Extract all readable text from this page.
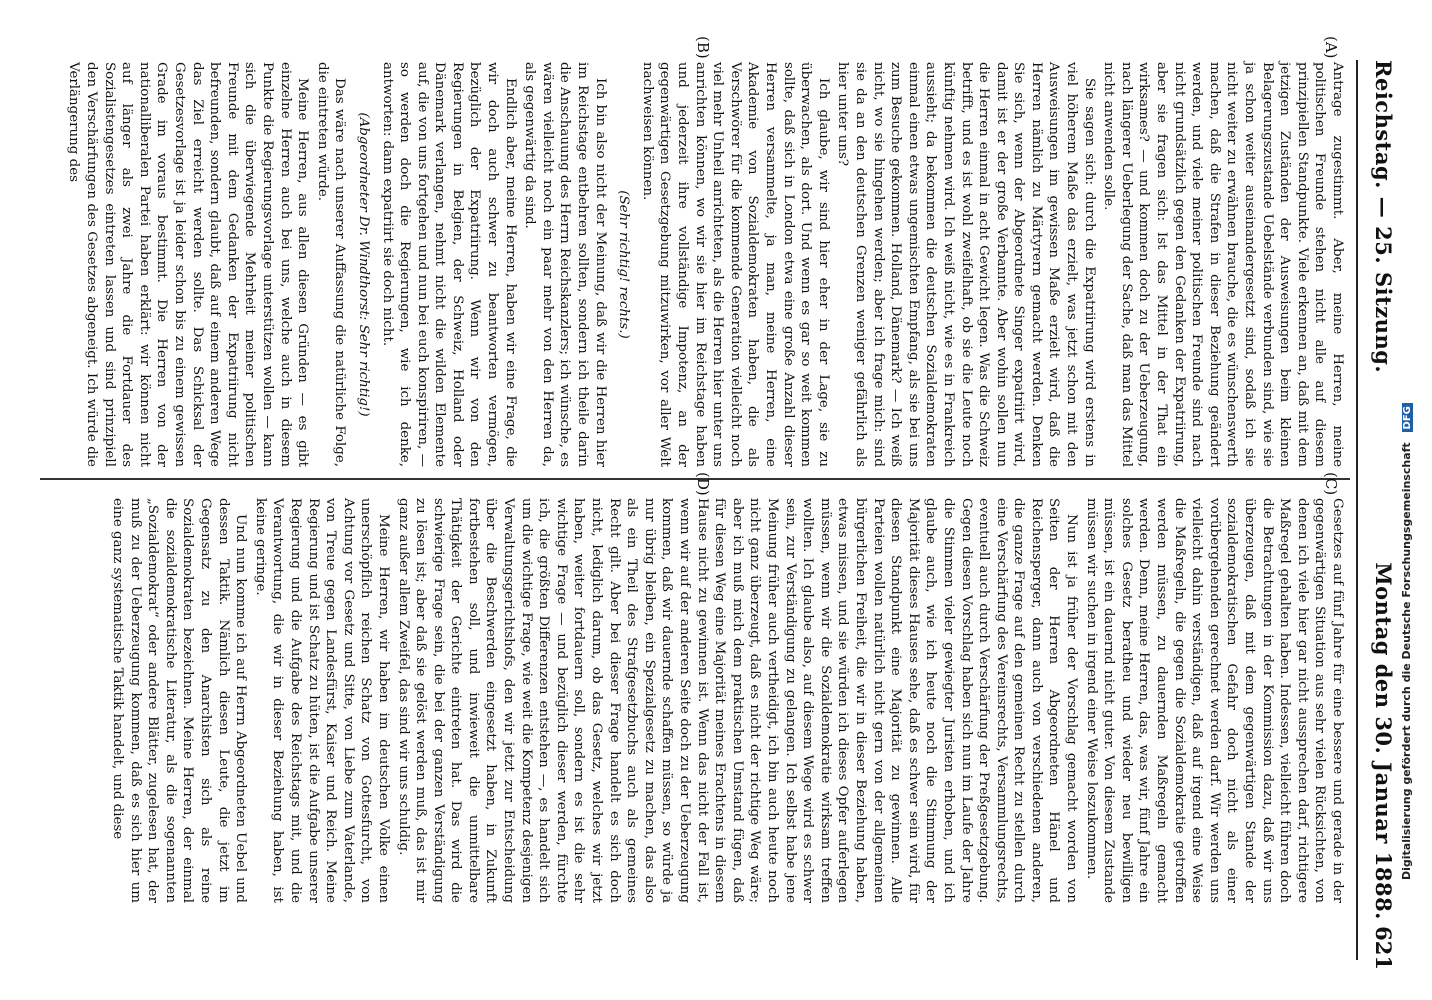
Reichstag. — 25. Sitzung.
Montag den 30. Januar 1888.
621
(A)
(B)
(C)
(D)

Antrage zugestimmt. Aber, meine Herren, meine politischen Freunde stehen nicht alle auf diesem prinzipiellen Standpunkte. Viele erkennen an, daß mit dem jetzigen Zuständen der Ausweisungen beim kleinen Belagerungszustande Uebelstände verbunden sind, wie sie ja schon weiter auseinandergesetzt sind, sodaß ich sie nicht weiter zu erwähnen brauche, die es wünschenswerth machen, daß die Strafen in dieser Beziehung geändert werden, und viele meiner politischen Freunde sind nach nicht grundsätzlich gegen den Gedanken der Expatriirung, aber sie fragen sich: Ist das Mittel in der That ein wirksames? — und kommen doch zu der Ueberzeugung, nach längerer Ueberlegung der Sache, daß man das Mittel nicht anwenden solle.

Sie sagen sich: durch die Expatriirung wird erstens in viel höherem Maße das erzielt, was jetzt schon mit den Ausweisungen im gewissen Maße erzielt wird, daß die Herren nämlich zu Märtyrern gemacht werden. Denken Sie sich, wenn der Abgeordnete Singer expatriirt wird, damit ist er der große Verbannte. Aber wohin sollen nun die Herren einmal in acht Gewicht legen. Was die Schweiz betrifft, und es ist wohl zweifelhaft, ob sie die Leute noch künftig nehmen wird. Ich weiß nicht, wie es in Frankreich aussieht; da bekommen die deutschen Sozialdemokraten einmal einen etwas ungemischten Empfang, als sie bei uns zum Besuche gekommen. Holland, Dänemark? — Ich weiß nicht, wo sie hingehen werden; aber ich frage mich: sind sie da an den deutschen Grenzen weniger gefährlich als hier unter uns?

Ich glaube, wir sind hier eher in der Lage, sie zu überwachen, als dort. Und wenn es gar so weit kommen sollte, daß sich in London etwa eine große Anzahl dieser Herren versammelte, ja man, meine Herren, eine Akademie von Sozialdemokraten haben, die als Verschwörer für die kommende Generation vielleicht noch viel mehr Unheil anrichteten, als die Herren hier unter uns anrichten können, wo wir sie hier im Reichstage haben und jederzeit ihre vollständige Impotenz, an der gegenwärtigen Gesetzgebung mitzuwirken, vor aller Welt nachweisen können.

(Sehr richtig! rechts.)

Ich bin also nicht der Meinung, daß wir die Herren hier im Reichstage entbehren sollten, sondern ich theile darin die Anschauung des Herrn Reichskanzlers; ich wünsche, es wären vielleicht noch ein paar mehr von den Herren da, als gegenwärtig da sind.

Endlich aber, meine Herren, haben wir eine Frage, die wir doch auch schwer zu beantworten vermögen, bezüglich der Expatriirung. Wenn wir von den Regierungen in Belgien, der Schweiz, Holland oder Dänemark verlangen, nehmt nicht die wilden Elemente auf, die von uns fortgehen und nun bei euch konspiriren, — so werden doch die Regierungen, wie ich denke, antworten: dann expatriirt sie doch nicht.

(Abgeordneter Dr. Windthorst: Sehr richtig!)

Das wäre nach unserer Auffassung die natürliche Folge, die eintreten würde.

Meine Herren, aus allen diesen Gründen — es gibt einzelne Herren auch bei uns, welche auch in diesem Punkte die Regierungsvorlage unterstützen wollen — kann sich die überwiegende Mehrheit meiner politischen Freunde mit dem Gedanken der Expatriirung nicht befreunden, sondern glaubt, daß auf einem anderen Wege das Ziel erreicht werden sollte. Das Schicksal der Gesetzesvorlage ist ja leider schon bis zu einem gewissen Grade im voraus bestimmt. Die Herren von der nationalliberalen Partei haben erklärt: wir können nicht auf länger als zwei Jahre die Fortdauer des Sozialistengesetzes eintreten lassen und sind prinzipiell den Verschärfungen des Gesetzes abgeneigt. Ich würde die Verlängerung des

Gesetzes auf fünf Jahre für eine bessere und gerade in der gegenwärtigen Situation aus sehr vielen Rücksichten, von denen ich viele hier gar nicht aussprechen darf, richtigere Maßregel gehalten haben. Indessen, vielleicht führen doch die Betrachtungen in der Kommission dazu, daß wir uns überzeugen, daß mit dem gegenwärtigen Stande der sozialdemokratischen Gefahr doch nicht als einer vorübergehenden gerechnet werden darf. Wir werden uns vielleicht dahin verständigen, daß auf irgend eine Weise die Maßregeln, die gegen die Sozialdemokratie getroffen werden müssen, zu dauernden Maßregeln gemacht werden. Denn, meine Herren, das, was wir, fünf Jahre ein solches Gesetz beratheu und wieder neu bewilligen müssen, ist ein dauernd nicht guter. Von diesem Zustande müssen wir suchen in irgend einer Weise loszukommen.

Nun ist ja früher der Vorschlag gemacht worden von Seiten der Herren Abgeordneten Hänel und Reichensperger, dann auch von verschiedenen anderen, die ganze Frage auf den gemeinen Recht zu stellen durch eine Verschärfung des Vereinsrechts, Versammlungsrechts, eventuell auch durch Verschärfung der Preßgesetzgebung. Gegen diesen Vorschlag haben sich nun im Laufe der Jahre die Stimmen vieler gewiegter Juristen erhoben, und ich glaube auch, wie ich heute noch die Stimmung der Majorität dieses Hauses sehe, daß es schwer sein wird, für diesen Standpunkt eine Majorität zu gewinnen. Alle Parteien wollen natürlich nicht gern von der allgemeinen bürgerlichen Freiheit, die wir in dieser Beziehung haben, etwas missen, und sie würden ich dieses Opfer auferlegen müssen, wenn wir die Sozialdemokratie wirksam treffen wollten. Ich glaube also, auf diesem Wege wird es schwer sein, zur Verständigung zu gelangen. Ich selbst habe jene Meinung früher auch vertheidigt, ich bin auch heute noch nicht ganz überzeugt, daß es nicht der richtige Weg wäre; aber ich muß mich dem praktischen Umstand fügen, daß für diesen Weg eine Majorität meines Erachtens in diesem Hause nicht zu gewinnen ist. Wenn das nicht der Fall ist, wenn wir auf der anderen Seite doch zu der Ueberzeugung kommen, daß wir dauernde schaffen müssen, so würde ja nur übrig bleiben, ein Spezialgesetz zu machen, das also als ein Theil des Strafgesetzbuchs auch als gemeines Recht gilt. Aber bei dieser Frage handelt es sich doch nicht, lediglich darum, ob das Gesetz, welches wir jetzt haben, weiter fortdauern soll, sondern es ist die sehr wichtige Frage — und bezüglich dieser werden, fürchte ich, die größten Differenzen entstehen —, es handelt sich um die wichtige Frage, wie weit die Kompetenz desjenigen Verwaltungsgerichtshofs, den wir jetzt zur Entscheidung über die Beschwerden eingesetzt haben, in Zukunft fortbestehen soll, und inwieweit die unmittelbare Thätigkeit der Gerichte eintreten hat. Das wird die schwierige Frage sein, die bei der ganzen Verständigung zu lösen ist; aber daß sie gelöst werden muß, das ist mir ganz außer allem Zweifel, das sind wir uns schuldig.

Meine Herren, wir haben im deutschen Volke einen unerschöpflich reichen Schatz von Gottesfurcht, von Achtung vor Gesetz und Sitte, von Liebe zum Vaterlande, von Treue gegen Landesfürst, Kaiser und Reich. Meine Regierung und ist Schatz zu hüten, ist die Aufgabe unserer Regierung und die Aufgabe des Reichstags mit, und die Verantwortung, die wir in dieser Beziehung haben, ist keine geringe.

Und nun komme ich auf Herrn Abgeordneten Uebel und dessen Taktik. Nämlich diesen Leute, die jetzt im Gegensatz zu den Anarchisten sich als reine Sozialdemokraten bezeichnen. Meine Herren, der einmal die sozialdemokratische Literatur, als die sogenannten „Sozialdemokrat“ oder andere Blätter, zugelesen hat, der muß zu der Ueberzeugung kommen, daß es sich hier um eine ganz systematische Taktik handelt, und diese	Digitalisierung gefördert durch die Deutsche Forschungsgemeinschaft DFG
